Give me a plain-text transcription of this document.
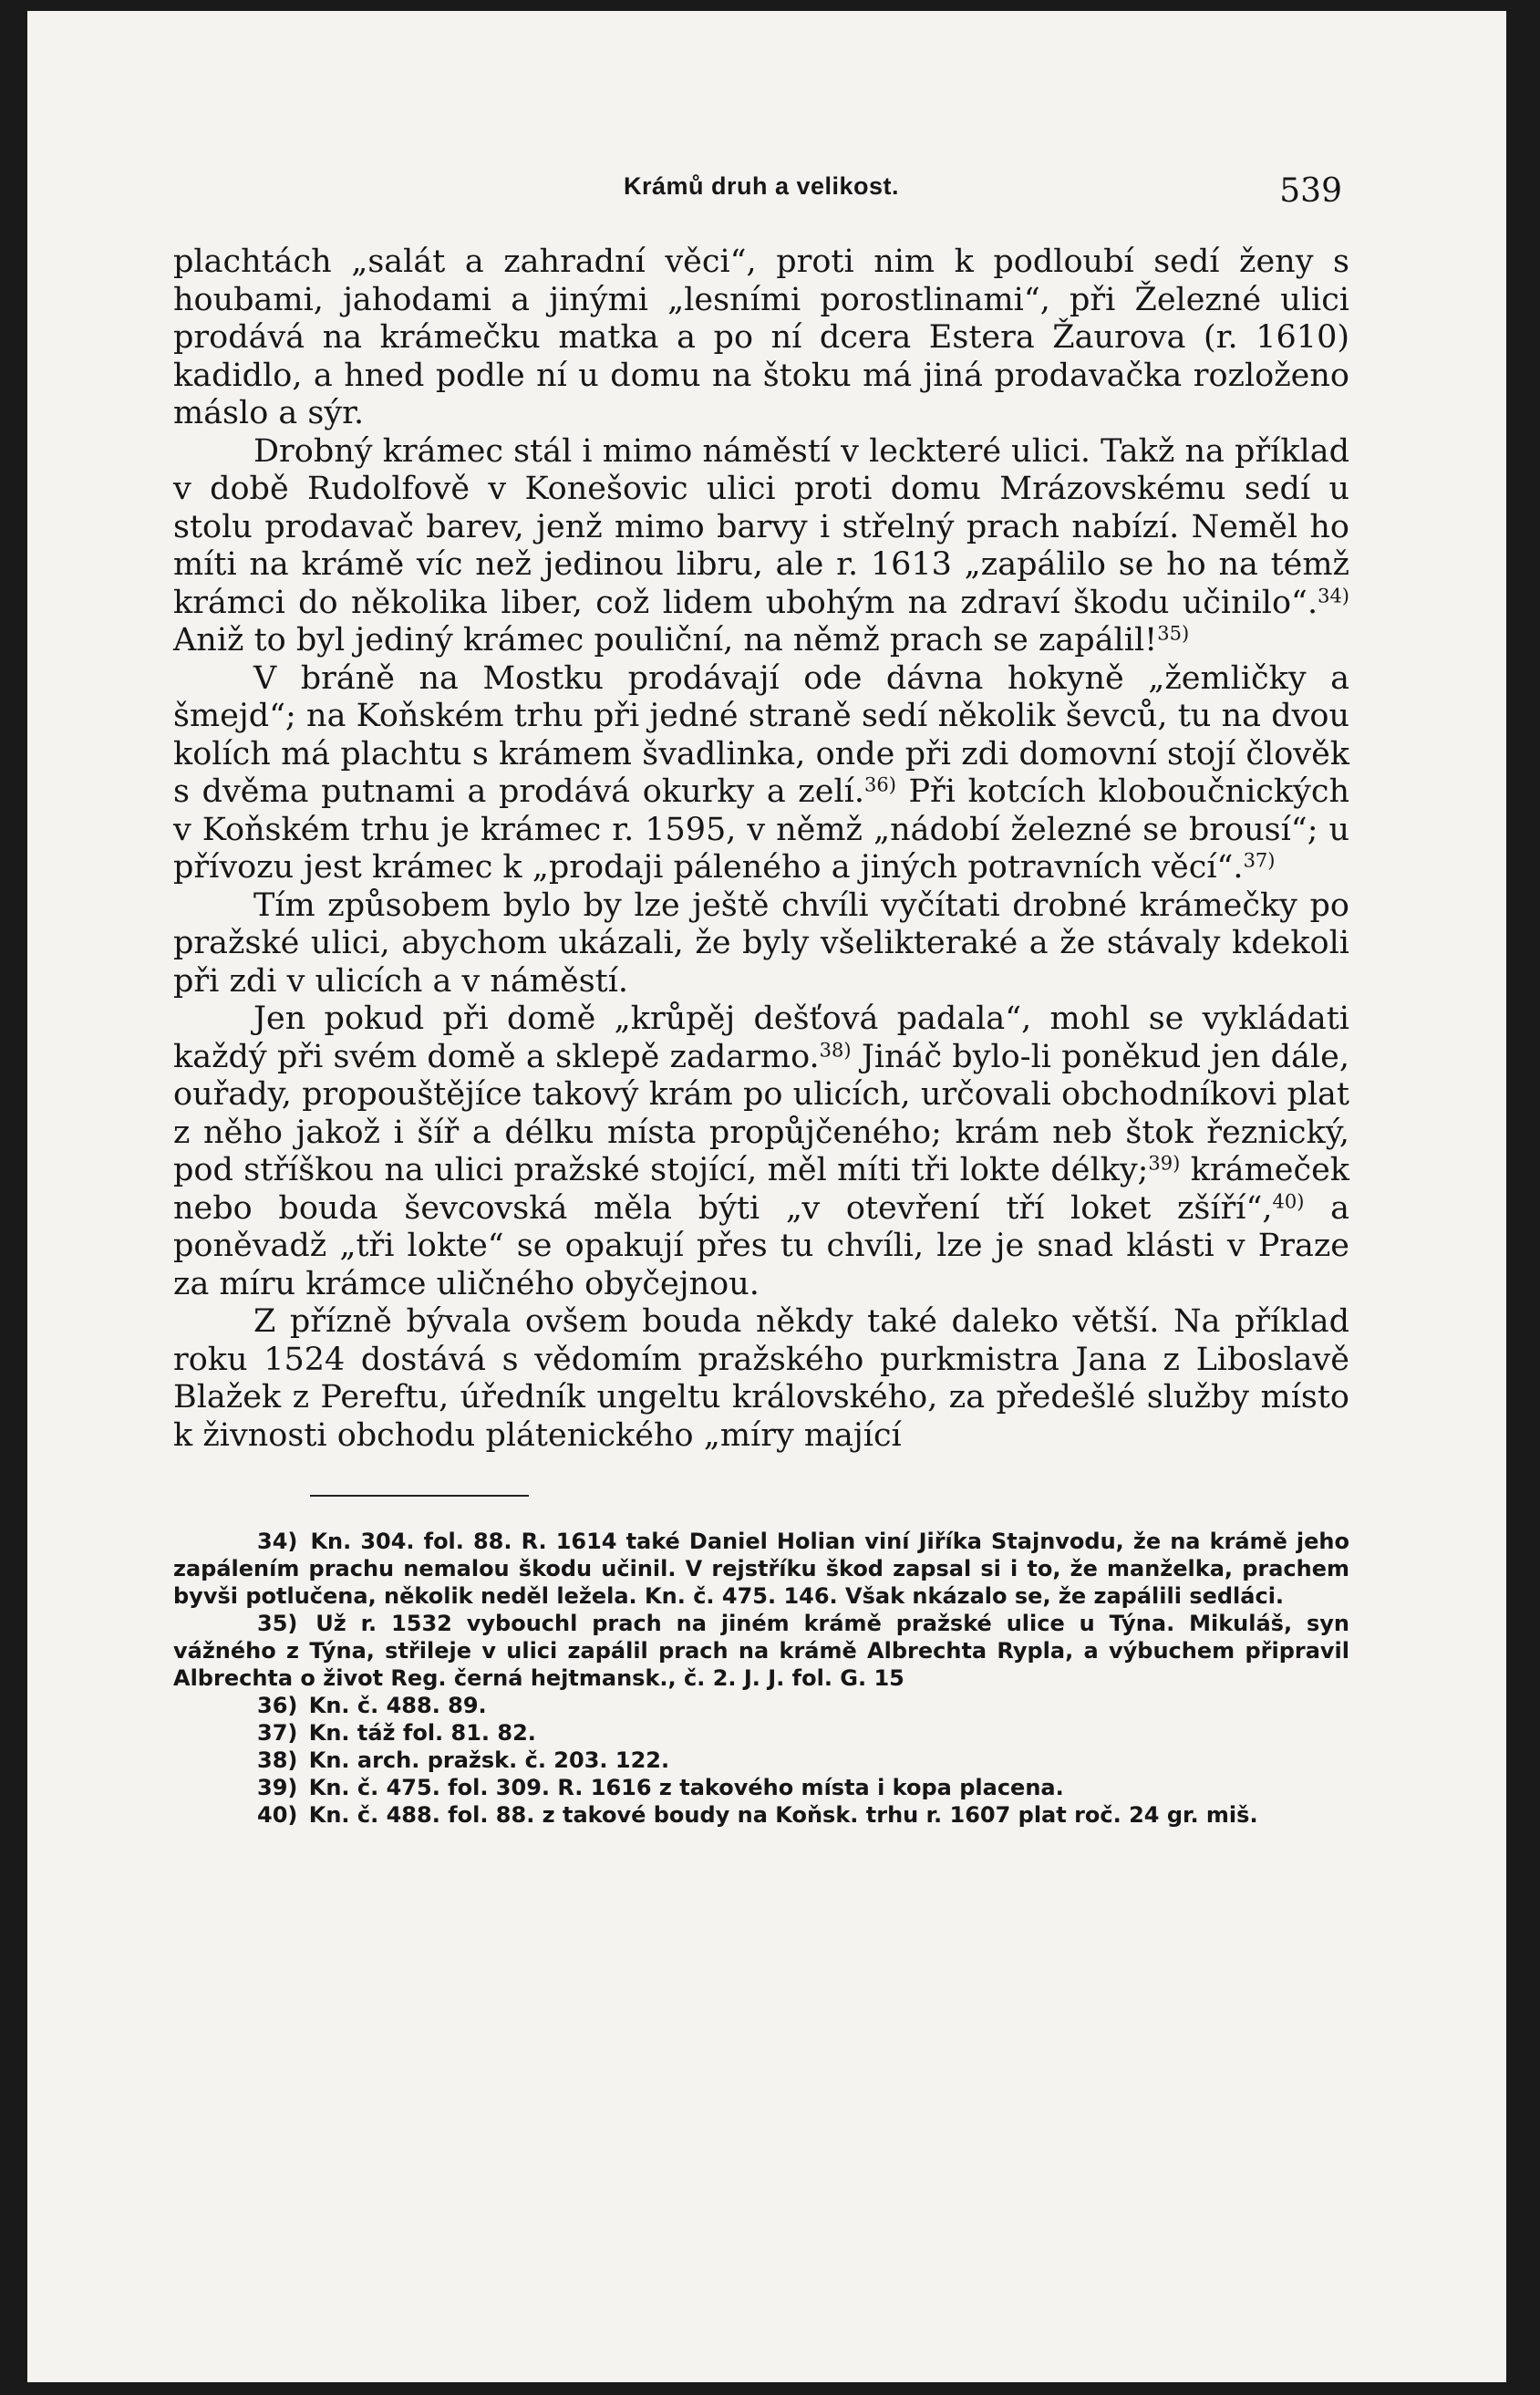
Krámů druh a velikost.	539

plachtách „salát a zahradní věci“, proti nim k podloubí sedí ženy s houbami, jahodami a jinými „lesními porostlinami“, při Železné ulici prodává na krámečku matka a po ní dcera Estera Žaurova (r. 1610) kadidlo, a hned podle ní u domu na štoku má jiná prodavačka rozloženo máslo a sýr.

Drobný krámec stál i mimo náměstí v leckteré ulici. Takž na příklad v době Rudolfově v Konešovic ulici proti domu Mrázovskému sedí u stolu prodavač barev, jenž mimo barvy i střelný prach nabízí. Neměl ho míti na krámě víc než jedinou libru, ale r. 1613 „zapálilo se ho na témž krámci do několika liber, což lidem ubohým na zdraví škodu učinilo“.$^{34)}$ Aniž to byl jediný krámec pouliční, na němž prach se zapálil!$^{35)}$

V bráně na Mostku prodávají ode dávna hokyně „žemličky a šmejd“; na Koňském trhu při jedné straně sedí několik ševců, tu na dvou kolích má plachtu s krámem švadlinka, onde při zdi domovní stojí člověk s dvěma putnami a prodává okurky a zelí.$^{36)}$ Při kotcích kloboučnických v Koňském trhu je krámec r. 1595, v němž „nádobí železné se brousí“; u přívozu jest krámec k „prodaji páleného a jiných potravních věcí“.$^{37)}$

Tím způsobem bylo by lze ještě chvíli vyčítati drobné krámečky po pražské ulici, abychom ukázali, že byly všelikteraké a že stávaly kdekoli při zdi v ulicích a v náměstí.

Jen pokud při domě „krůpěj dešťová padala“, mohl se vykládati každý při svém domě a sklepě zadarmo.$^{38)}$ Jináč bylo-li poněkud jen dále, ouřady, propouštějíce takový krám po ulicích, určovali obchodníkovi plat z něho jakož i šíř a délku místa propůjčeného; krám neb štok řeznický, pod stříškou na ulici pražské stojící, měl míti tři lokte délky;$^{39)}$ krámeček nebo bouda ševcovská měla býti „v otevření tří loket zšíří“,$^{40)}$ a poněvadž „tři lokte“ se opakují přes tu chvíli, lze je snad klásti v Praze za míru krámce uličného obyčejnou.

Z přízně bývala ovšem bouda někdy také daleko větší. Na příklad roku 1524 dostává s vědomím pražského purkmistra Jana z Liboslavě Blažek z Pereftu, úředník ungeltu královského, za předešlé služby místo k živnosti obchodu plátenického „míry mající

34) Kn. 304. fol. 88. R. 1614 také Daniel Holian viní Jiříka Stajnvodu, že na krámě jeho zapálením prachu nemalou škodu učinil. V rejstříku škod zapsal si i to, že manželka, prachem byvši potlučena, několik neděl ležela. Kn. č. 475. 146. Však nkázalo se, že zapálili sedláci.

35) Už r. 1532 vybouchl prach na jiném krámě pražské ulice u Týna. Mikuláš, syn vážného z Týna, střileje v ulici zapálil prach na krámě Albrechta Rypla, a výbuchem připravil Albrechta o život Reg. černá hejtmansk., č. 2. J. J. fol. G. 15

36) Kn. č. 488. 89.

37) Kn. táž fol. 81. 82.

38) Kn. arch. pražsk. č. 203. 122.

39) Kn. č. 475. fol. 309. R. 1616 z takového místa i kopa placena.

40) Kn. č. 488. fol. 88. z takové boudy na Koňsk. trhu r. 1607 plat roč. 24 gr. miš.
